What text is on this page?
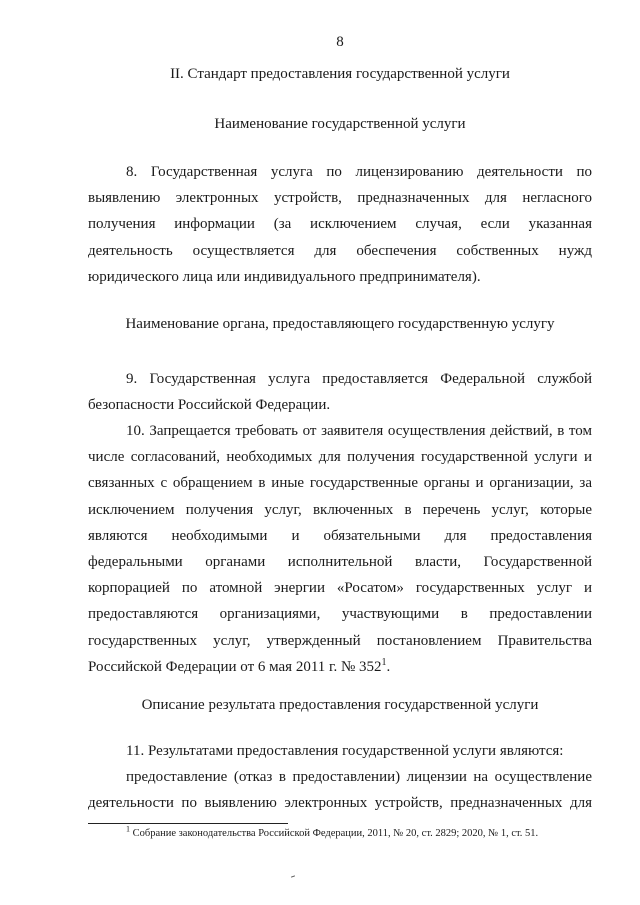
8
II. Стандарт предоставления государственной услуги
Наименование государственной услуги
8. Государственная услуга по лицензированию деятельности по
выявлению электронных устройств, предназначенных для негласного
получения информации (за исключением случая, если указанная
деятельность осуществляется для обеспечения собственных нужд
юридического лица или индивидуального предпринимателя).
Наименование органа, предоставляющего государственную услугу
9. Государственная услуга предоставляется Федеральной службой
безопасности Российской Федерации.
10. Запрещается требовать от заявителя осуществления действий, в том
числе согласований, необходимых для получения государственной услуги и
связанных с обращением в иные государственные органы и организации, за
исключением получения услуг, включенных в перечень услуг, которые
являются необходимыми и обязательными для предоставления
федеральными органами исполнительной власти, Государственной
корпорацией по атомной энергии «Росатом» государственных услуг и
предоставляются организациями, участвующими в предоставлении
государственных услуг, утвержденный постановлением Правительства
Российской Федерации от 6 мая 2011 г. № $352^1$.
Описание результата предоставления государственной услуги
11. Результатами предоставления государственной услуги являются:
предоставление (отказ в предоставлении) лицензии на осуществление
деятельности по выявлению электронных устройств, предназначенных для
$^1$ Собрание законодательства Российской Федерации, 2011, № 20, ст. 2829; 2020, № 1, ст. 51.
